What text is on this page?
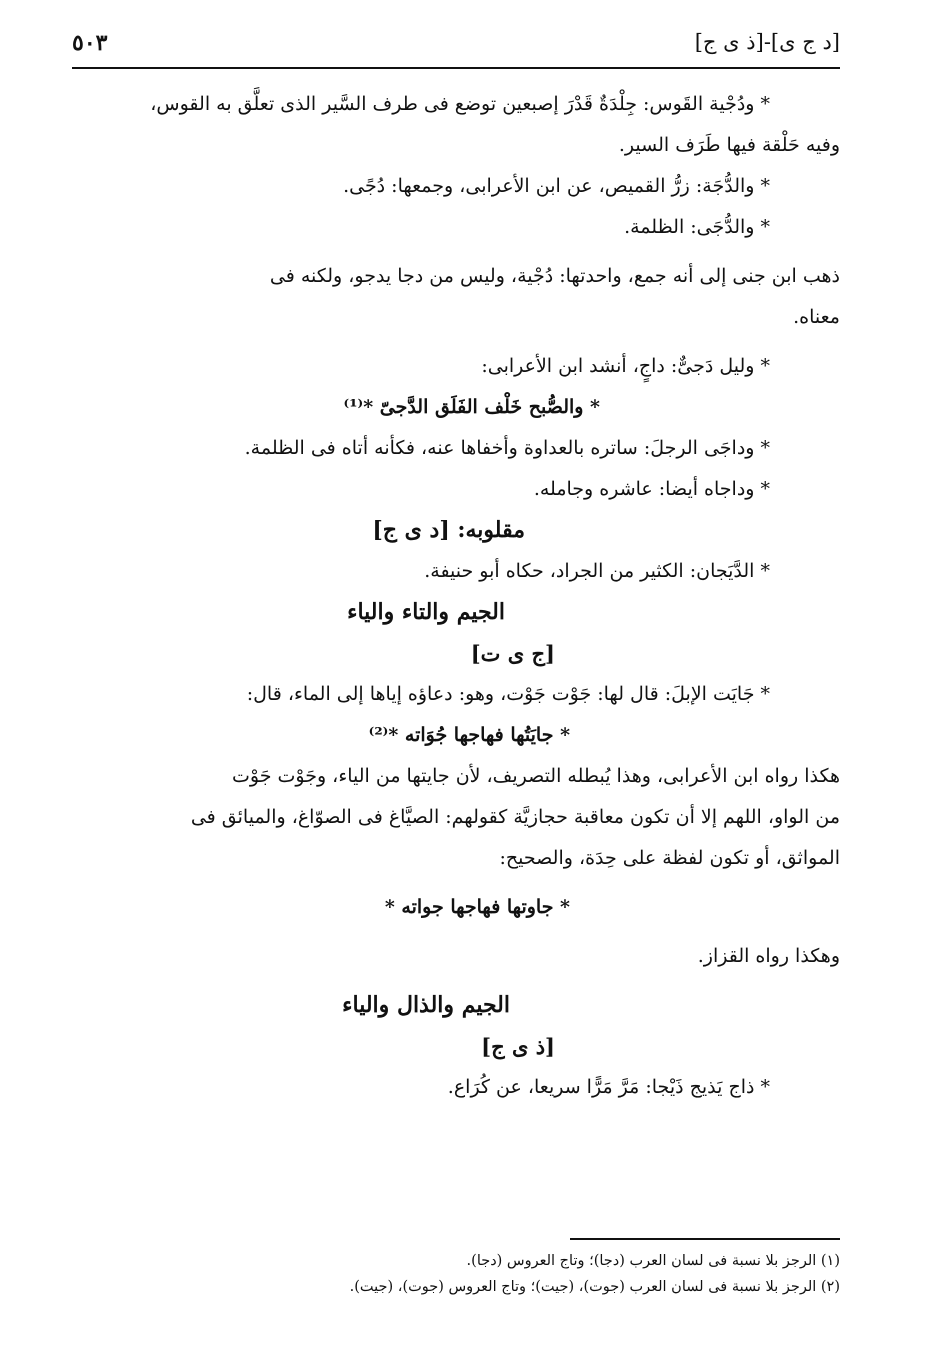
[د ج ى]-[ذ ى ج]
٥٠٣

* ودُجْية القَوس: جِلْدَةٌ قَدْرَ إصبعين توضع فى طرف السَّير الذى تعلَّق به القوس،

وفيه حَلْقة فيها طَرَف السير.

* والدُّجَة: زرُّ القميص، عن ابن الأعرابى، وجمعها: دُجًى.

* والدُّجَى: الظلمة.

ذهب ابن جنى إلى أنه جمع، واحدتها: دُجْية، وليس من دجا يدجو، ولكنه فى

معناه.

* وليل دَجىٌّ: داجٍ، أنشد ابن الأعرابى:

* والصُّبح خَلْف الفَلَق الدَّجىّ *⁽¹⁾

* وداجَى الرجلَ: ساتره بالعداوة وأخفاها عنه، فكأنه أتاه فى الظلمة.

* وداجاه أيضا: عاشره وجامله.

مقلوبه: [د ى ج]

* الدَّيَجان: الكثير من الجراد، حكاه أبو حنيفة.

الجيم والتاء والياء

[ج ى ت]

* جَايَت الإبلَ: قال لها: جَوْت جَوْت، وهو: دعاؤه إياها إلى الماء، قال:

* جايَتُها فهاجها جُوَاته *⁽²⁾

هكذا رواه ابن الأعرابى، وهذا يُبطله التصريف، لأن جايتها من الياء، وجَوْت جَوْت

من الواو، اللهم إلا أن تكون معاقبة حجازيَّة كقولهم: الصيَّاغ فى الصوّاغ، والميائق فى

المواثق، أو تكون لفظة على حِدَة، والصحيح:

* جاوتها فهاجها جواته *

وهكذا رواه القزاز.

الجيم والذال والياء

[ذ ى ج]

* ذاج يَذيج ذَيْجا: مَرَّ مَرًّا سريعا، عن كُرَاع.

(١) الرجز بلا نسبة فى لسان العرب (دجا)؛ وتاج العروس (دجا).

(٢) الرجز بلا نسبة فى لسان العرب (جوت)، (جيت)؛ وتاج العروس (جوت)، (جيت).
